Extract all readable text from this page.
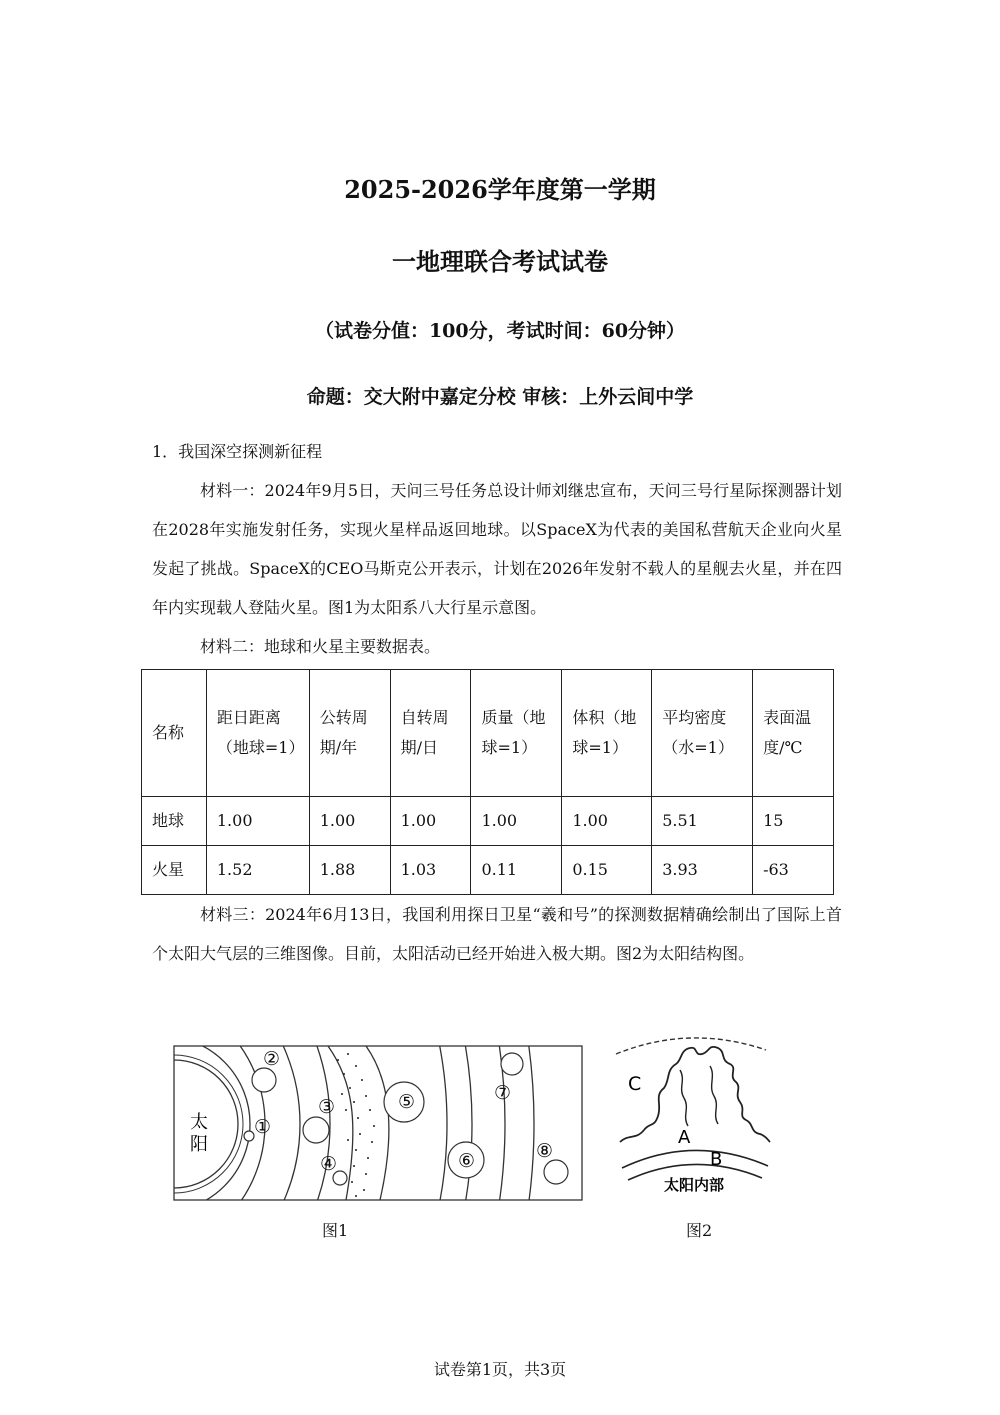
2025-2026学年度第一学期
一地理联合考试试卷
（试卷分值：100分，考试时间：60分钟）
命题：交大附中嘉定分校 审核：上外云间中学
1．我国深空探测新征程
材料一：2024年9月5日，天问三号任务总设计师刘继忠宣布，天问三号行星际探测器计划在2028年实施发射任务，实现火星样品返回地球。以SpaceX为代表的美国私营航天企业向火星发起了挑战。SpaceX的CEO马斯克公开表示，计划在2026年发射不载人的星舰去火星，并在四年内实现载人登陆火星。图1为太阳系八大行星示意图。
材料二：地球和火星主要数据表。
名称	距日距离（地球=1）	公转周期/年	自转周期/日	质量（地球=1）	体积（地球=1）	平均密度（水=1）	表面温度/℃
地球	1.00	1.00	1.00	1.00	1.00	5.51	15
火星	1.52	1.88	1.03	0.11	0.15	3.93	-63
材料三：2024年6月13日，我国利用探日卫星“羲和号”的探测数据精确绘制出了国际上首个太阳大气层的三维图像。目前，太阳活动已经开始进入极大期。图2为太阳结构图。
太
阳
①
②
③
④
⑤
⑥
⑦
⑧
C
A
B
太阳内部
图1	图2
试卷第1页，共3页
